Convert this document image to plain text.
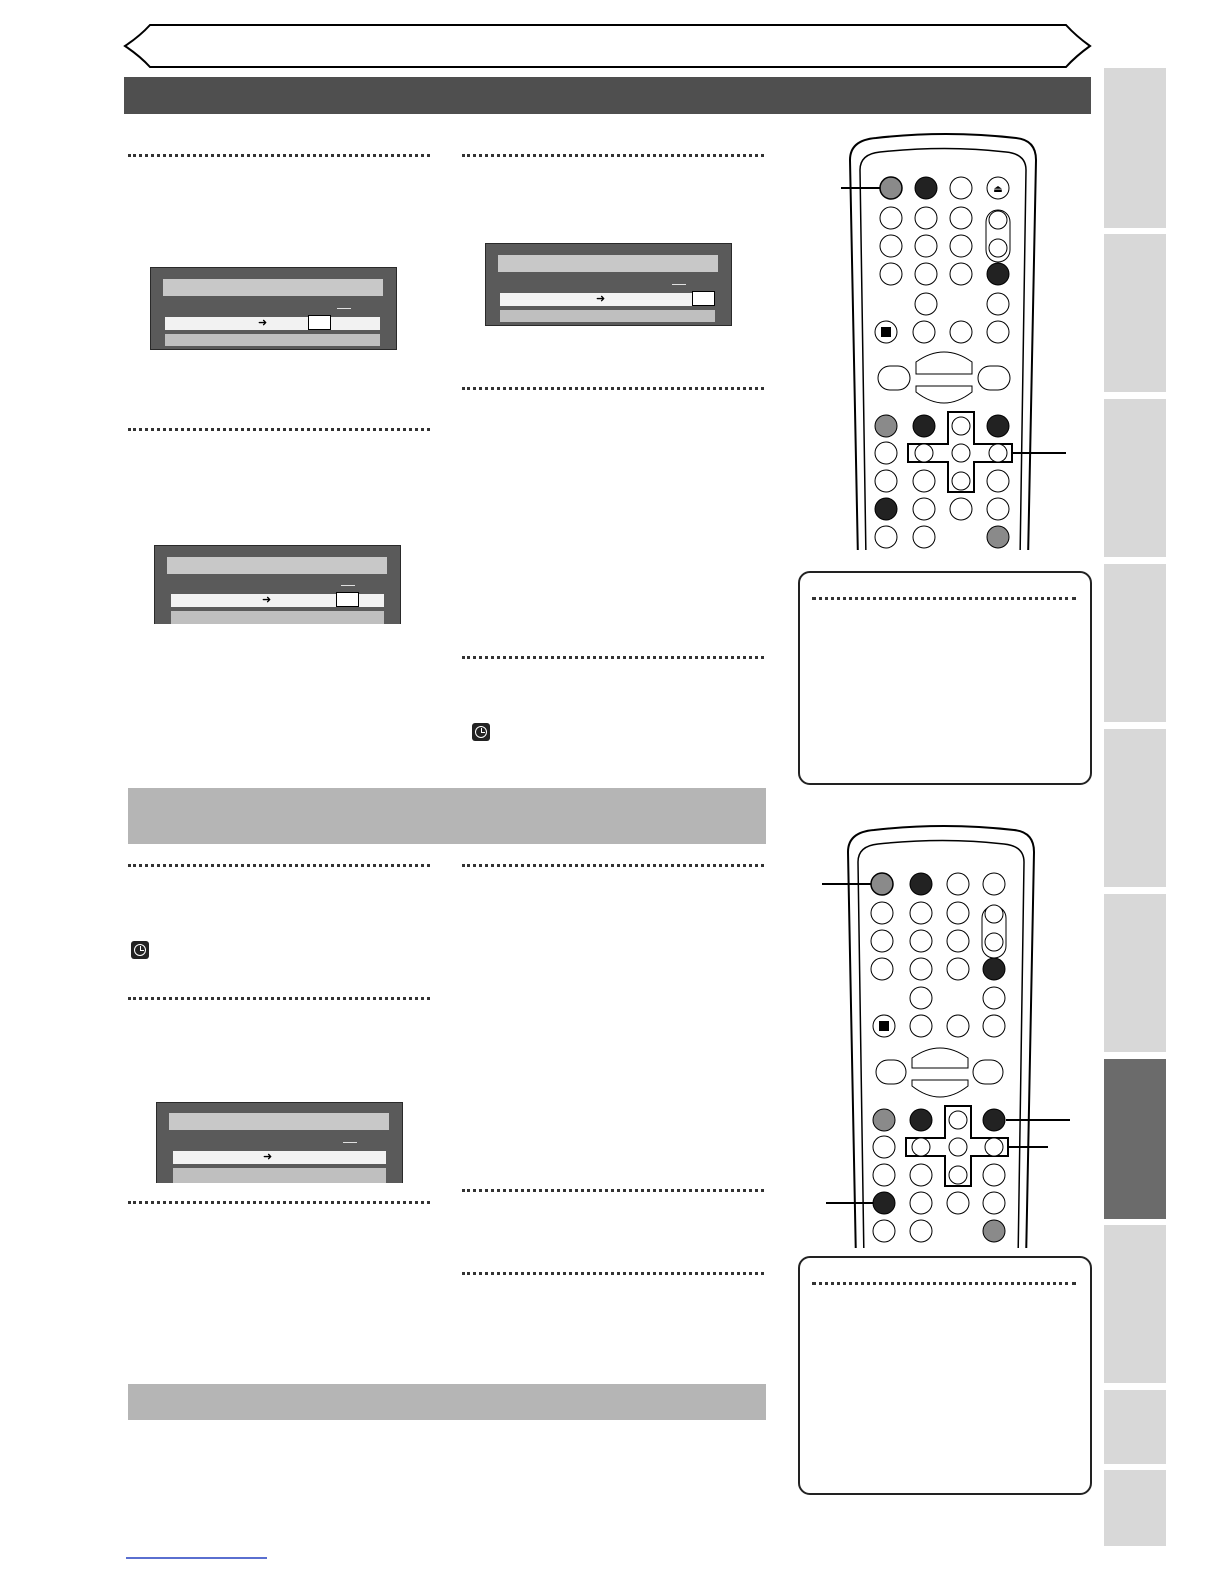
➜
➜
➜
➜
⏏
